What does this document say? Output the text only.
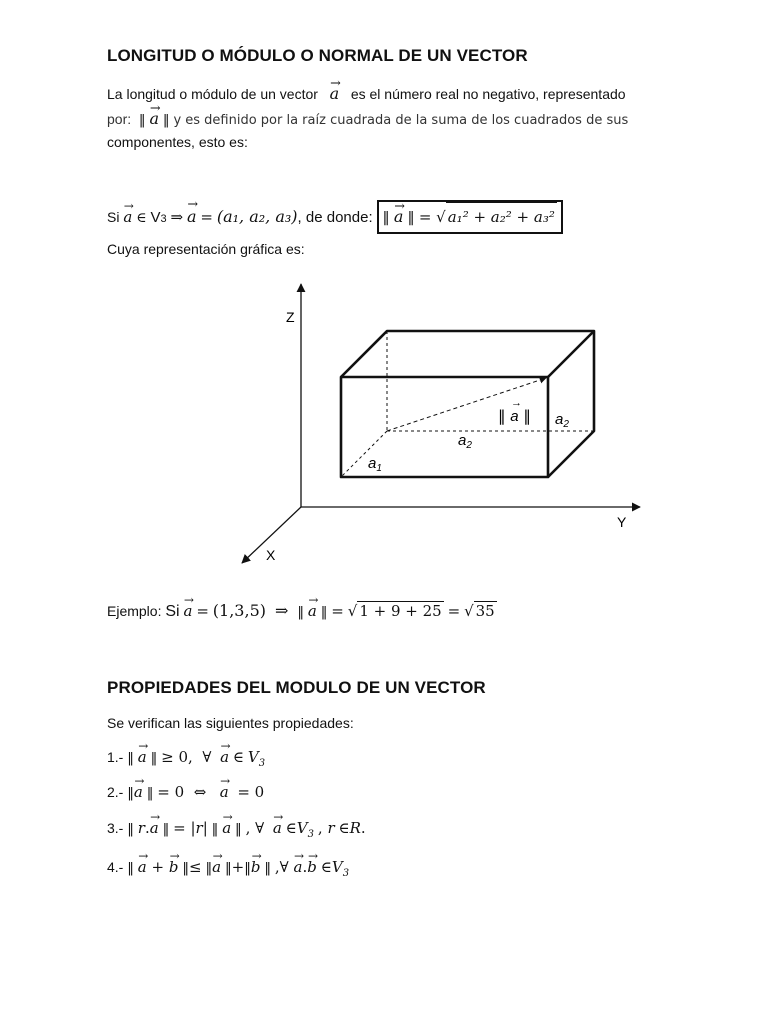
LONGITUD O MÓDULO O NORMAL DE UN VECTOR
La longitud o módulo de un vector → a es el número real no negativo, representado
por: ‖ → a ‖ y es definido por la raíz cuadrada de la suma de los cuadrados de sus
componentes, esto es:
Si → a ∈ V3 ⇒ → a = (a₁, a₂, a₃), de donde: ‖ → a ‖ = √ a₁² + a₂² + a₃²
Cuya representación gráfica es:
Z
Y
X
‖ a ‖
→
$a_2$
$a_2$
$a_1$
Ejemplo: Si → a = (1,3,5)  ⇒  ‖ → a ‖ = √ 1 + 9 + 25 = √ 35
PROPIEDADES DEL MODULO DE UN VECTOR
Se verifican las siguientes propiedades:
1.- ‖ → a ‖ ≥ 0,  ∀  → a ∈ $V_3$
2.- ‖→ a ‖ = 0  ⇔   → a  = 0
3.- ‖ r.→ a ‖ = |r| ‖ → a ‖ , ∀  → a $\in V_3$ , r ∈R.
4.- ‖ → a + → b ‖≤ ‖→ a ‖+‖→ b ‖ ,∀ → a.→ b $\in V_3$
